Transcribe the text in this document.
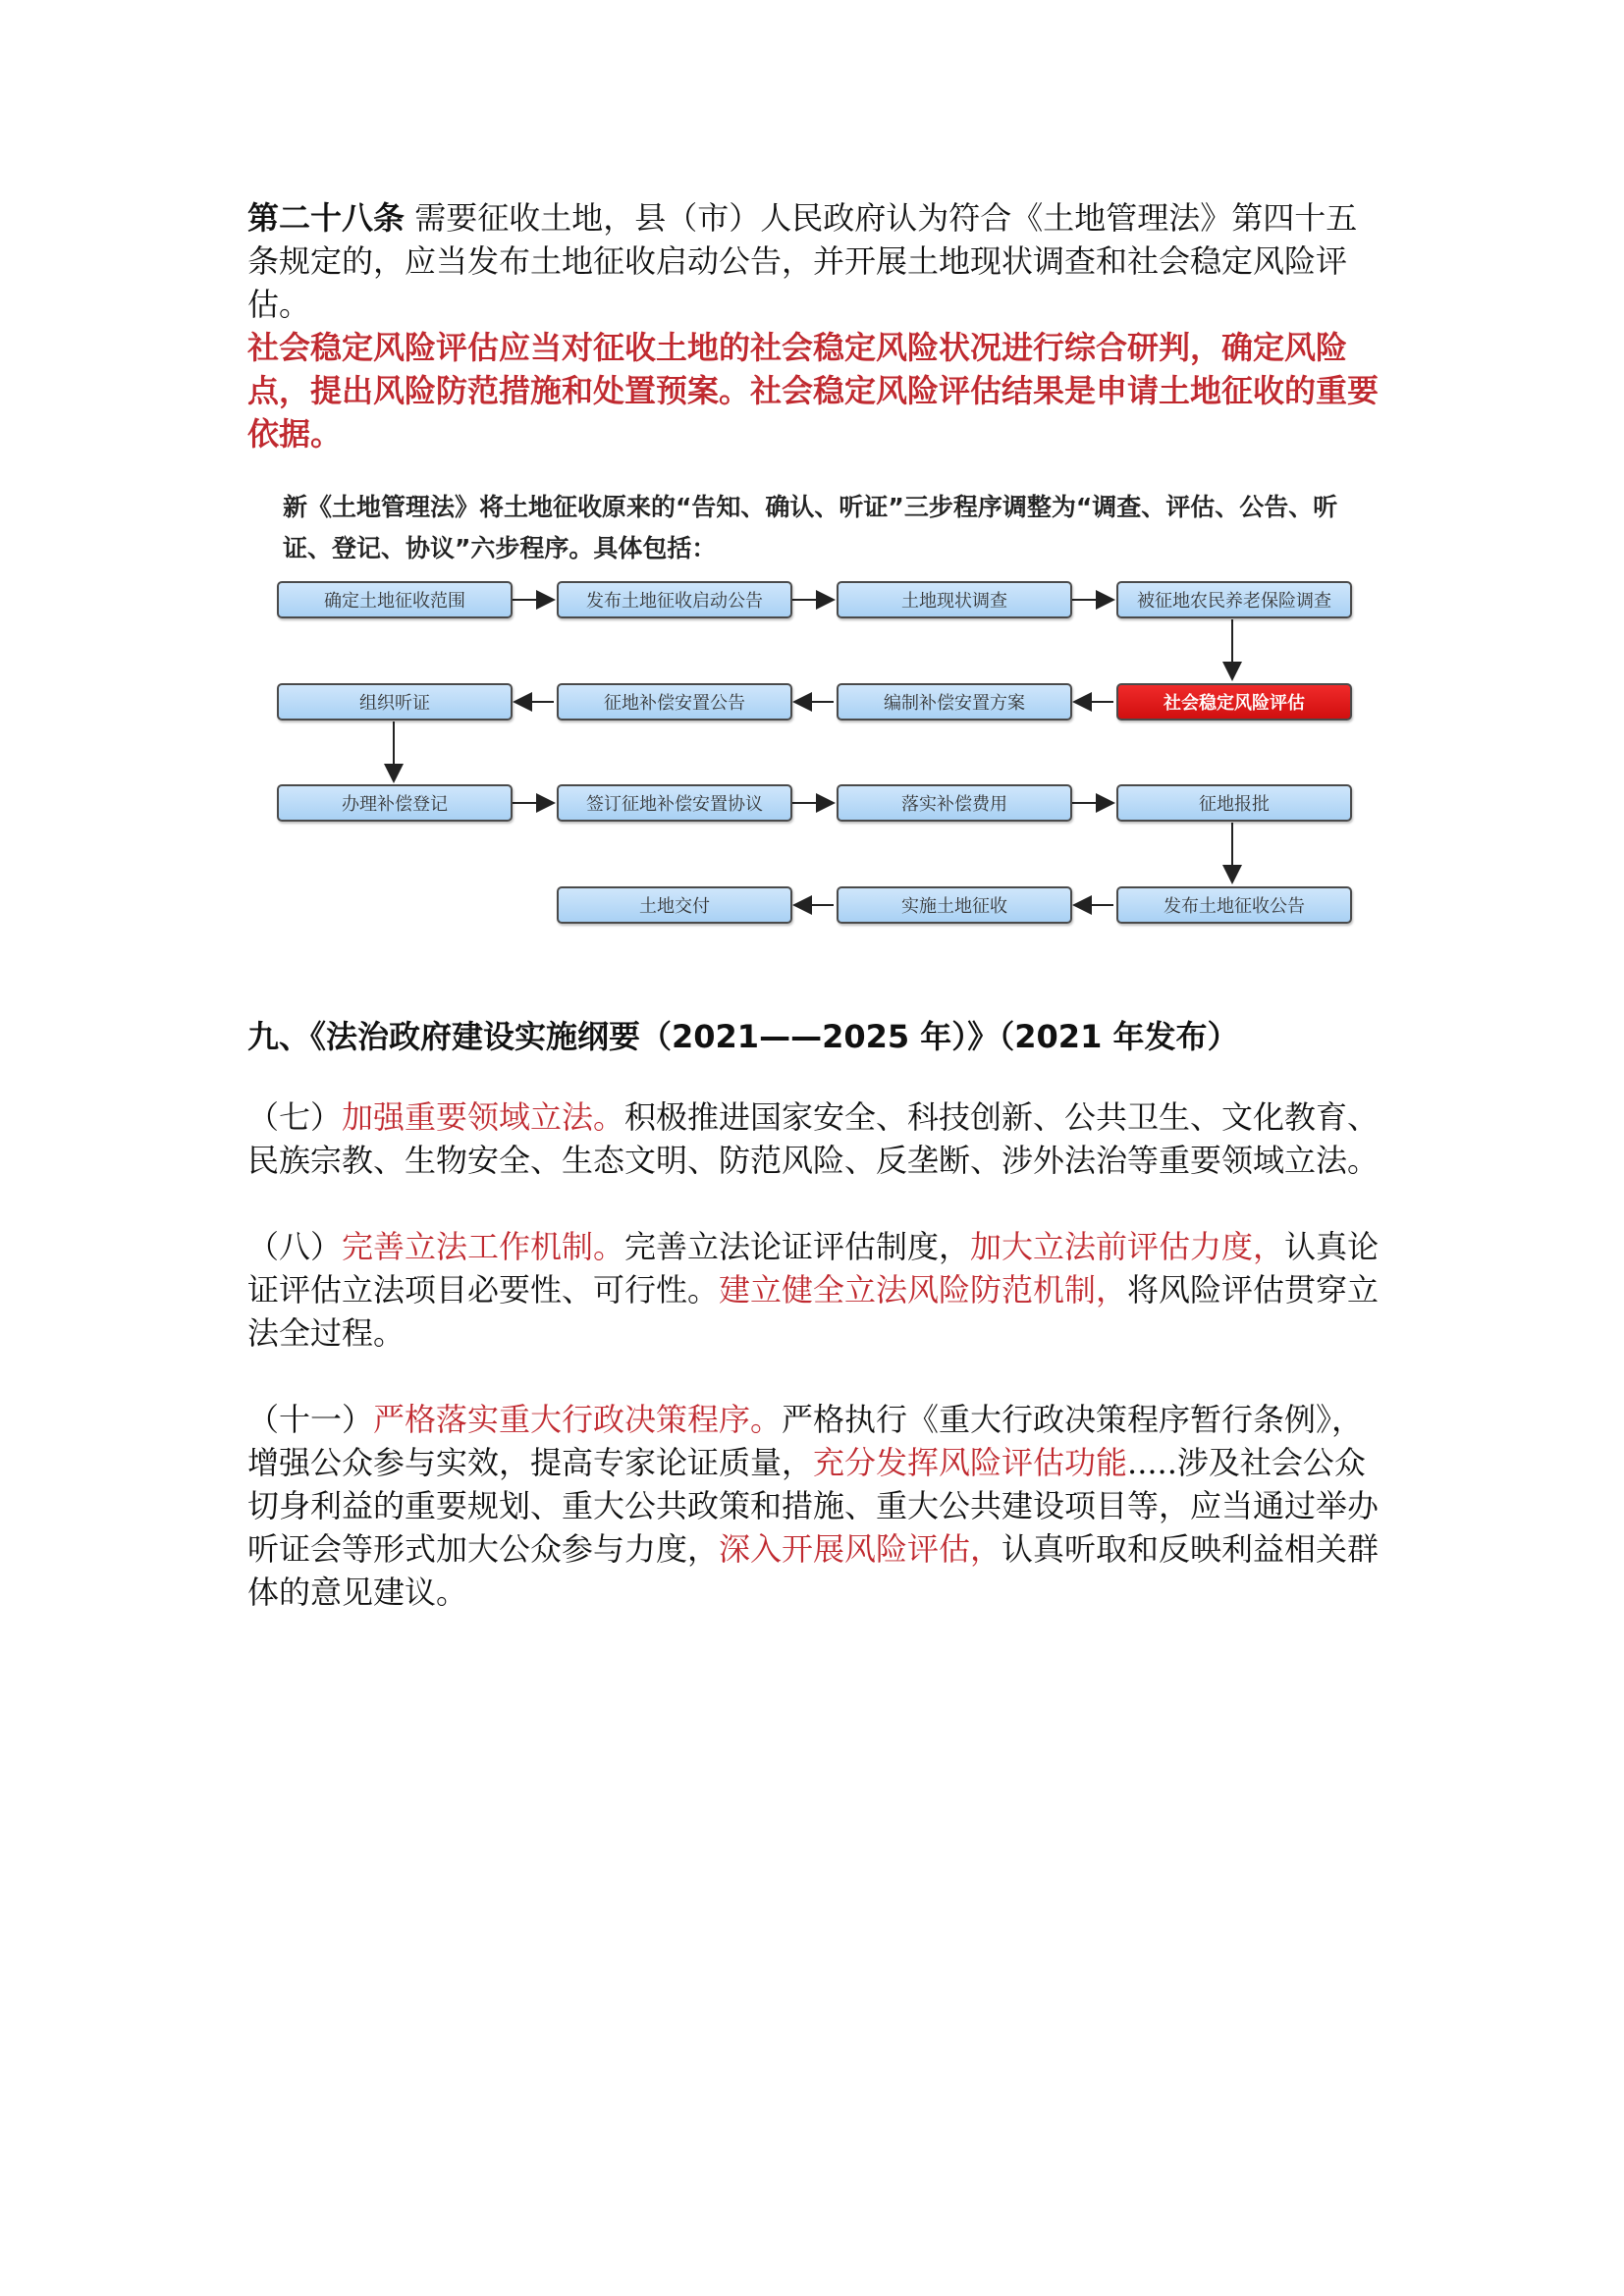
第二十八条 需要征收土地，县（市）人民政府认为符合《土地管理法》第四十五条规定的，应当发布土地征收启动公告，并开展土地现状调查和社会稳定风险评估。
社会稳定风险评估应当对征收土地的社会稳定风险状况进行综合研判，确定风险点，提出风险防范措施和处置预案。社会稳定风险评估结果是申请土地征收的重要依据。
新《土地管理法》将土地征收原来的“告知、确认、听证”三步程序调整为“调查、评估、公告、听证、登记、协议”六步程序。具体包括：
确定土地征收范围	发布土地征收启动公告	土地现状调查	被征地农民养老保险调查
社会稳定风险评估
编制补偿安置方案
征地补偿安置公告
组织听证
办理补偿登记	签订征地补偿安置协议	落实补偿费用	征地报批
发布土地征收公告
实施土地征收
土地交付
九、《法治政府建设实施纲要（2021——2025 年）》（2021 年发布）
（七）加强重要领域立法。积极推进国家安全、科技创新、公共卫生、文化教育、民族宗教、生物安全、生态文明、防范风险、反垄断、涉外法治等重要领域立法。
（八）完善立法工作机制。完善立法论证评估制度，加大立法前评估力度，认真论证评估立法项目必要性、可行性。建立健全立法风险防范机制，将风险评估贯穿立法全过程。
（十一）严格落实重大行政决策程序。严格执行《重大行政决策程序暂行条例》，增强公众参与实效，提高专家论证质量，充分发挥风险评估功能.....涉及社会公众切身利益的重要规划、重大公共政策和措施、重大公共建设项目等，应当通过举办听证会等形式加大公众参与力度，深入开展风险评估，认真听取和反映利益相关群体的意见建议。
